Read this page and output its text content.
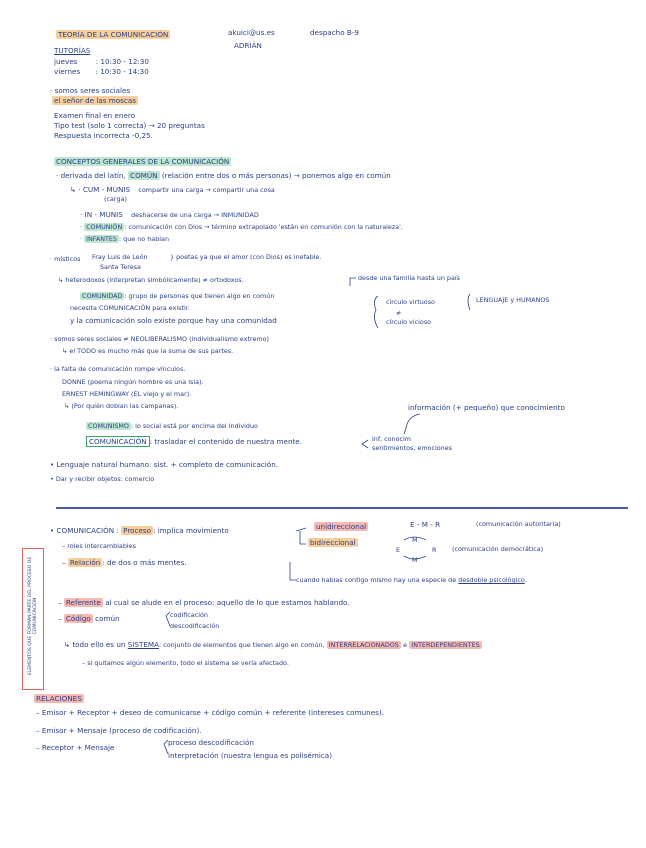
TEORÍA DE LA COMUNICACIÓN	akuici@us.es	despacho B-9
ADRIÁN
TUTORÍAS
jueves	: 10:30 - 12:30
viernes : 10:30 - 14:30
· somos seres sociales
el señor de las moscas
Examen final en enero
Tipo test (solo 1 correcta) → 20 preguntas
Respuesta incorrecta -0,25.
CONCEPTOS GENERALES DE LA COMUNICACIÓN
· derivada del latín, COMÚN (relación entre dos o más personas) → ponemos algo en común
↳ · CUM - MUNIS compartir una carga → compartir una cosa
(carga)
· IN - MUNIS deshacerse de una carga → INMUNIDAD
· COMUNIÓN : comunicación con Dios → término extrapolado 'están en comunión con la naturaleza'.
· INFANTES : que no hablan
· místicos Fray Luis de León
Santa Teresa
} poetas ya que el amor (con Dios) es inefable.
↳ heterodoxos (interpretan simbólicamente) ≠ ortodoxos.	desde una familia hasta un país
COMUNIDAD : grupo de personas que tienen algo en común
círculo virtuoso	LENGUAJE y HUMANOS
necesita COMUNICACIÓN para existir.
≠
y la comunicación solo existe porque hay una comunidad	círculo vicioso
· somos seres sociales ≠ NEOLIBERALISMO (individualismo extremo)
↳ el TODO es mucho más que la suma de sus partes.
· la falta de comunicación rompe vínculos.
DONNE (poema ningún hombre es una isla).
ERNEST HEMINGWAY (EL viejo y el mar).
↳ (Por quién doblan las campanas).	información (+ pequeño) que conocimiento
COMUNISMO : lo social está por encima del individuo
COMUNICACIÓN : trasladar el contenido de nuestra mente.	inf, conocim
sentimientos, emociones
• Lenguaje natural humano: sist. + completo de comunicación.
• Dar y recibir objetos: comercio
ELEMENTOS QUE FORMAN PARTE DEL PROCESO DE COMUNICACIÓN
• COMUNICACIÓN : Proceso : implica movimiento	unidireccional
bidireccional
E - M - R	(comunicación autoritaria)
M
E	R
M
(comunicación democrática)
– roles intercambiables
– Relación : de dos o más mentes.
cuando hablas contigo mismo hay una especie de desdoble psicológico.
– Referente al cual se alude en el proceso: aquello de lo que estamos hablando.
– Código común	codificación
descodificación
↳ todo ello es un SISTEMA: conjunto de elementos que tienen algo en común, INTERRELACIONADOS e INTERDEPENDIENTES
– si quitamos algún elemento, todo el sistema se vería afectado.
RELACIONES
– Emisor + Receptor + deseo de comunicarse + código común + referente (intereses comunes).
– Emisor + Mensaje (proceso de codificación).
– Receptor + Mensaje
proceso descodificación
interpretación (nuestra lengua es polisémica)
